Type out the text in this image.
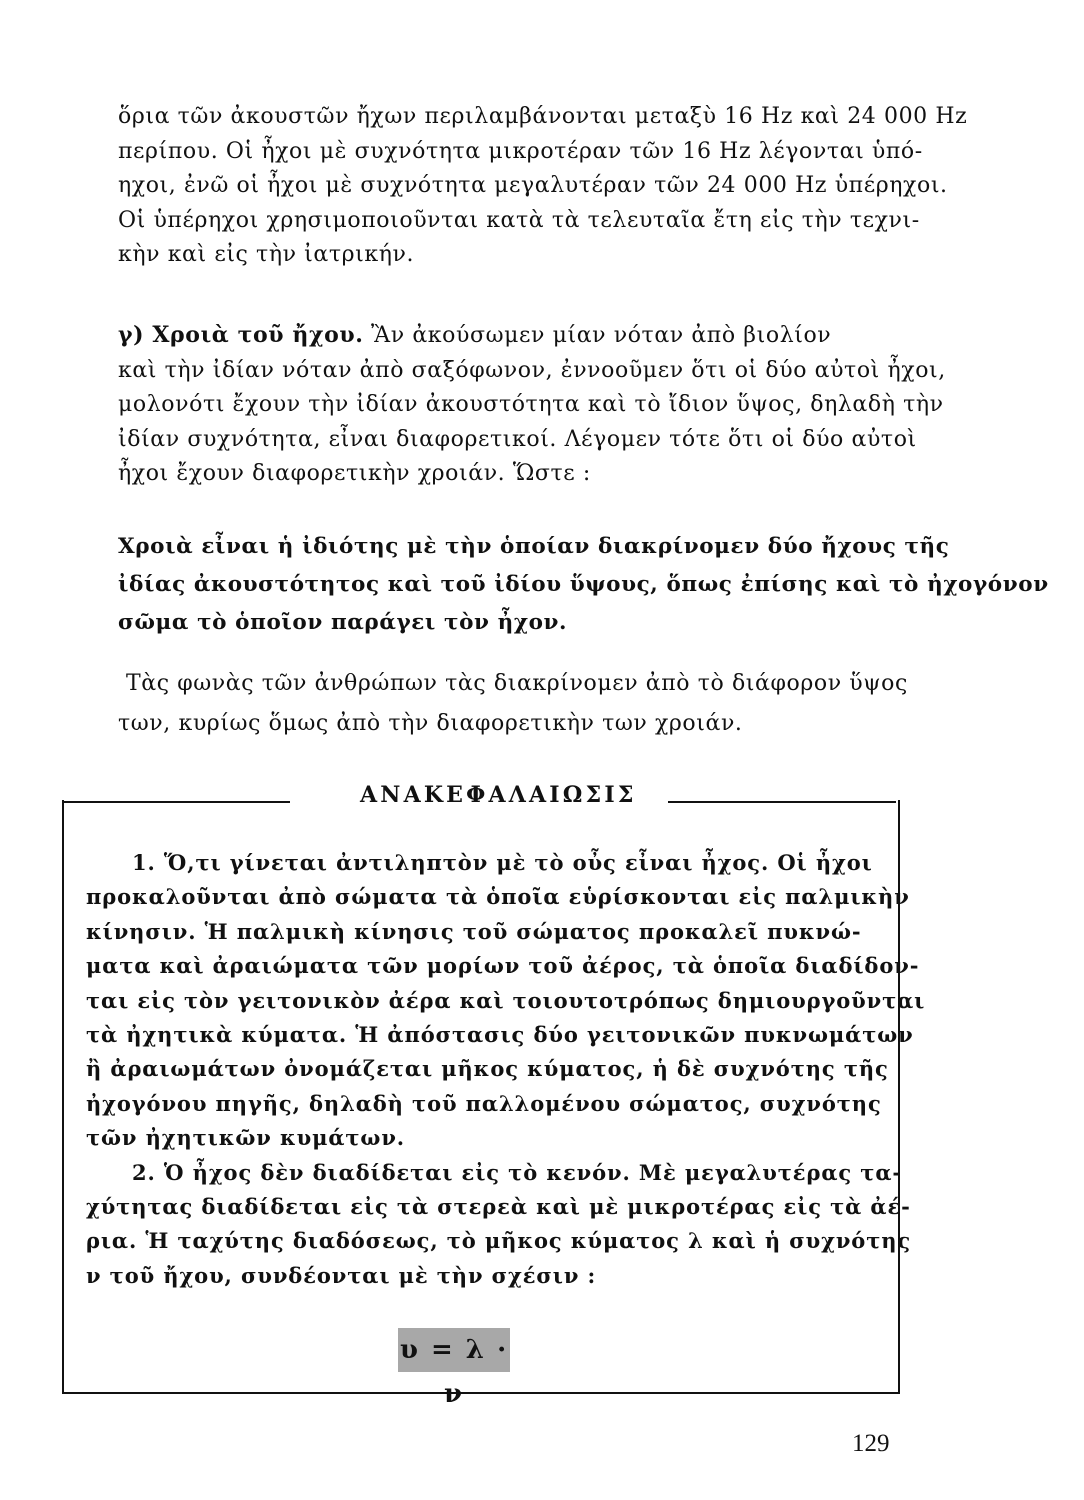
ὅρια τῶν ἀκουστῶν ἤχων περιλαμβάνονται μεταξὺ 16 Hz καὶ 24 000 Hz
περίπου. Οἱ ἦχοι μὲ συχνότητα μικροτέραν τῶν 16 Hz λέγονται ὑπό-
ηχοι, ἐνῶ οἱ ἦχοι μὲ συχνότητα μεγαλυτέραν τῶν 24 000 Hz ὑπέρηχοι.
Οἱ ὑπέρηχοι χρησιμοποιοῦνται κατὰ τὰ τελευταῖα ἔτη εἰς τὴν τεχνι-
κὴν καὶ εἰς τὴν ἰατρικήν.
γ) Χροιὰ τοῦ ἤχου. Ἂν ἀκούσωμεν μίαν νόταν ἀπὸ βιολίον
καὶ τὴν ἰδίαν νόταν ἀπὸ σαξόφωνον, ἐννοοῦμεν ὅτι οἱ δύο αὐτοὶ ἦχοι,
μολονότι ἔχουν τὴν ἰδίαν ἀκουστότητα καὶ τὸ ἴδιον ὕψος, δηλαδὴ τὴν
ἰδίαν συχνότητα, εἶναι διαφορετικοί. Λέγομεν τότε ὅτι οἱ δύο αὐτοὶ
ἦχοι ἔχουν διαφορετικὴν χροιάν. Ὥστε :
Χροιὰ εἶναι ἡ ἰδιότης μὲ τὴν ὁποίαν διακρίνομεν δύο ἤχους τῆς
ἰδίας ἀκουστότητος καὶ τοῦ ἰδίου ὕψους, ὅπως ἐπίσης καὶ τὸ ἠχογόνον
σῶμα τὸ ὁποῖον παράγει τὸν ἦχον.
Τὰς φωνὰς τῶν ἀνθρώπων τὰς διακρίνομεν ἀπὸ τὸ διάφορον ὕψος
των, κυρίως ὅμως ἀπὸ τὴν διαφορετικὴν των χροιάν.
ΑΝΑΚΕΦΑΛΑΙΩΣΙΣ
1. Ὅ,τι γίνεται ἀντιληπτὸν μὲ τὸ οὖς εἶναι ἦχος. Οἱ ἦχοι
προκαλοῦνται ἀπὸ σώματα τὰ ὁποῖα εὑρίσκονται εἰς παλμικὴν
κίνησιν. Ἡ παλμικὴ κίνησις τοῦ σώματος προκαλεῖ πυκνώ-
ματα καὶ ἀραιώματα τῶν μορίων τοῦ ἀέρος, τὰ ὁποῖα διαδίδον-
ται εἰς τὸν γειτονικὸν ἀέρα καὶ τοιουτοτρόπως δημιουργοῦνται
τὰ ἠχητικὰ κύματα. Ἡ ἀπόστασις δύο γειτονικῶν πυκνωμάτων
ἢ ἀραιωμάτων ὀνομάζεται μῆκος κύματος, ἡ δὲ συχνότης τῆς
ἠχογόνου πηγῆς, δηλαδὴ τοῦ παλλομένου σώματος, συχνότης
τῶν ἠχητικῶν κυμάτων.
2. Ὁ ἦχος δὲν διαδίδεται εἰς τὸ κενόν. Μὲ μεγαλυτέρας τα-
χύτητας διαδίδεται εἰς τὰ στερεὰ καὶ μὲ μικροτέρας εἰς τὰ ἀέ-
ρια. Ἡ ταχύτης διαδόσεως, τὸ μῆκος κύματος λ καὶ ἡ συχνότης
ν τοῦ ἤχου, συνδέονται μὲ τὴν σχέσιν :
υ = λ · ν
129
